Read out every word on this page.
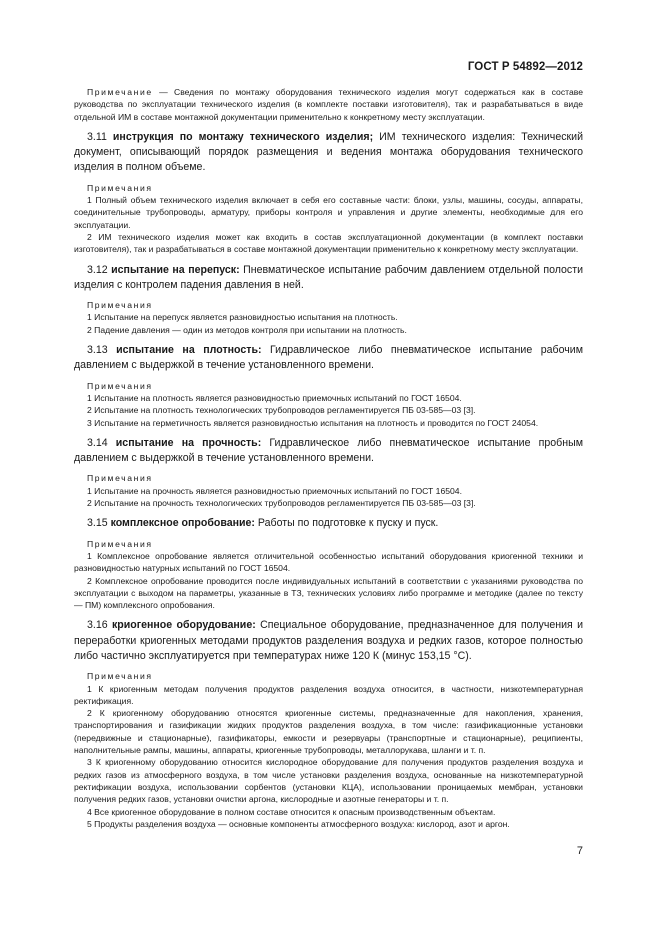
ГОСТ Р 54892—2012

Примечание — Сведения по монтажу оборудования технического изделия могут содержаться как в составе руководства по эксплуатации технического изделия (в комплекте поставки изготовителя), так и разрабатываться в виде отдельной ИМ в составе монтажной документации применительно к конкретному месту эксплуатации.

3.11 инструкция по монтажу технического изделия; ИМ технического изделия: Технический документ, описывающий порядок размещения и ведения монтажа оборудования технического изделия в полном объеме.

Примечания

1 Полный объем технического изделия включает в себя его составные части: блоки, узлы, машины, сосуды, аппараты, соединительные трубопроводы, арматуру, приборы контроля и управления и другие элементы, необходимые для его эксплуатации.

2 ИМ технического изделия может как входить в состав эксплуатационной документации (в комплект поставки изготовителя), так и разрабатываться в составе монтажной документации применительно к конкретному месту эксплуатации.

3.12 испытание на перепуск: Пневматическое испытание рабочим давлением отдельной полости изделия с контролем падения давления в ней.

Примечания

1 Испытание на перепуск является разновидностью испытания на плотность.

2 Падение давления — один из методов контроля при испытании на плотность.

3.13 испытание на плотность: Гидравлическое либо пневматическое испытание рабочим давлением с выдержкой в течение установленного времени.

Примечания

1 Испытание на плотность является разновидностью приемочных испытаний по ГОСТ 16504.

2 Испытание на плотность технологических трубопроводов регламентируется ПБ 03-585—03 [3].

3 Испытание на герметичность является разновидностью испытания на плотность и проводится по ГОСТ 24054.

3.14 испытание на прочность: Гидравлическое либо пневматическое испытание пробным давлением с выдержкой в течение установленного времени.

Примечания

1 Испытание на прочность является разновидностью приемочных испытаний по ГОСТ 16504.

2 Испытание на прочность технологических трубопроводов регламентируется ПБ 03-585—03 [3].

3.15 комплексное опробование: Работы по подготовке к пуску и пуск.

Примечания

1 Комплексное опробование является отличительной особенностью испытаний оборудования криогенной техники и разновидностью натурных испытаний по ГОСТ 16504.

2 Комплексное опробование проводится после индивидуальных испытаний в соответствии с указаниями руководства по эксплуатации с выходом на параметры, указанные в ТЗ, технических условиях либо программе и методике (далее по тексту — ПМ) комплексного опробования.

3.16 криогенное оборудование: Специальное оборудование, предназначенное для получения и переработки криогенных методами продуктов разделения воздуха и редких газов, которое полностью либо частично эксплуатируется при температурах ниже 120 К (минус 153,15 °С).

Примечания

1 К криогенным методам получения продуктов разделения воздуха относится, в частности, низкотемпературная ректификация.

2 К криогенному оборудованию относятся криогенные системы, предназначенные для накопления, хранения, транспортирования и газификации жидких продуктов разделения воздуха, в том числе: газификационные установки (передвижные и стационарные), газификаторы, емкости и резервуары (транспортные и стационарные), реципиенты, наполнительные рампы, машины, аппараты, криогенные трубопроводы, металлорукава, шланги и т. п.

3 К криогенному оборудованию относится кислородное оборудование для получения продуктов разделения воздуха и редких газов из атмосферного воздуха, в том числе установки разделения воздуха, основанные на низкотемпературной ректификации воздуха, использовании сорбентов (установки КЦА), использовании проницаемых мембран, установки получения редких газов, установки очистки аргона, кислородные и азотные генераторы и т. п.

4 Все криогенное оборудование в полном составе относится к опасным производственным объектам.

5 Продукты разделения воздуха — основные компоненты атмосферного воздуха: кислород, азот и аргон.

7
